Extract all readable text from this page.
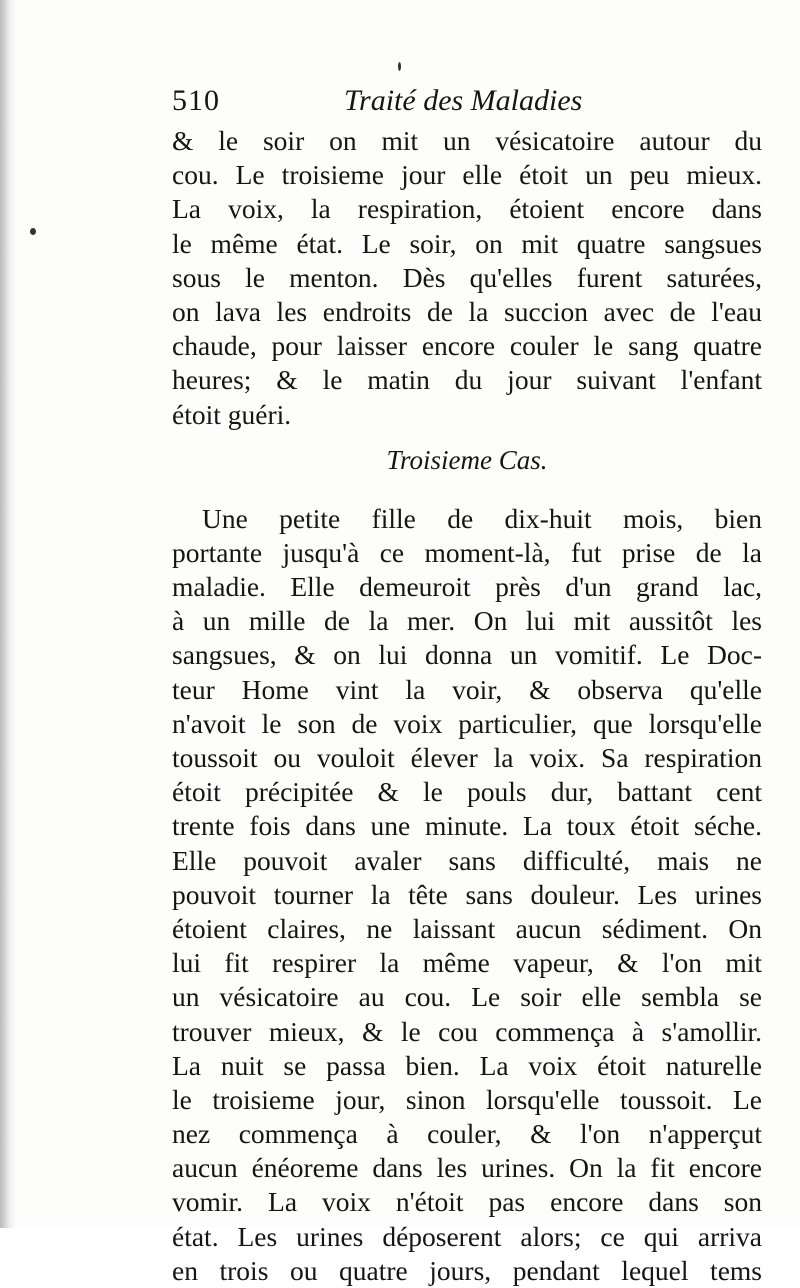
510	Traité des Maladies
& le soir on mit un vésicatoire autour du
cou. Le troisieme jour elle étoit un peu mieux.
La voix, la respiration, étoient encore dans
le même état. Le soir, on mit quatre sangsues
sous le menton. Dès qu'elles furent saturées,
on lava les endroits de la succion avec de l'eau
chaude, pour laisser encore couler le sang quatre
heures; & le matin du jour suivant l'enfant
étoit guéri.
Troisieme Cas.
Une petite fille de dix-huit mois, bien
portante jusqu'à ce moment-là, fut prise de la
maladie. Elle demeuroit près d'un grand lac,
à un mille de la mer. On lui mit aussitôt les
sangsues, & on lui donna un vomitif. Le Doc-
teur Home vint la voir, & observa qu'elle
n'avoit le son de voix particulier, que lorsqu'elle
toussoit ou vouloit élever la voix. Sa respiration
étoit précipitée & le pouls dur, battant cent
trente fois dans une minute. La toux étoit séche.
Elle pouvoit avaler sans difficulté, mais ne
pouvoit tourner la tête sans douleur. Les urines
étoient claires, ne laissant aucun sédiment. On
lui fit respirer la même vapeur, & l'on mit
un vésicatoire au cou. Le soir elle sembla se
trouver mieux, & le cou commença à s'amollir.
La nuit se passa bien. La voix étoit naturelle
le troisieme jour, sinon lorsqu'elle toussoit. Le
nez commença à couler, & l'on n'apperçut
aucun énéoreme dans les urines. On la fit encore
vomir. La voix n'étoit pas encore dans son
état. Les urines déposerent alors; ce qui arriva
en trois ou quatre jours, pendant lequel tems
